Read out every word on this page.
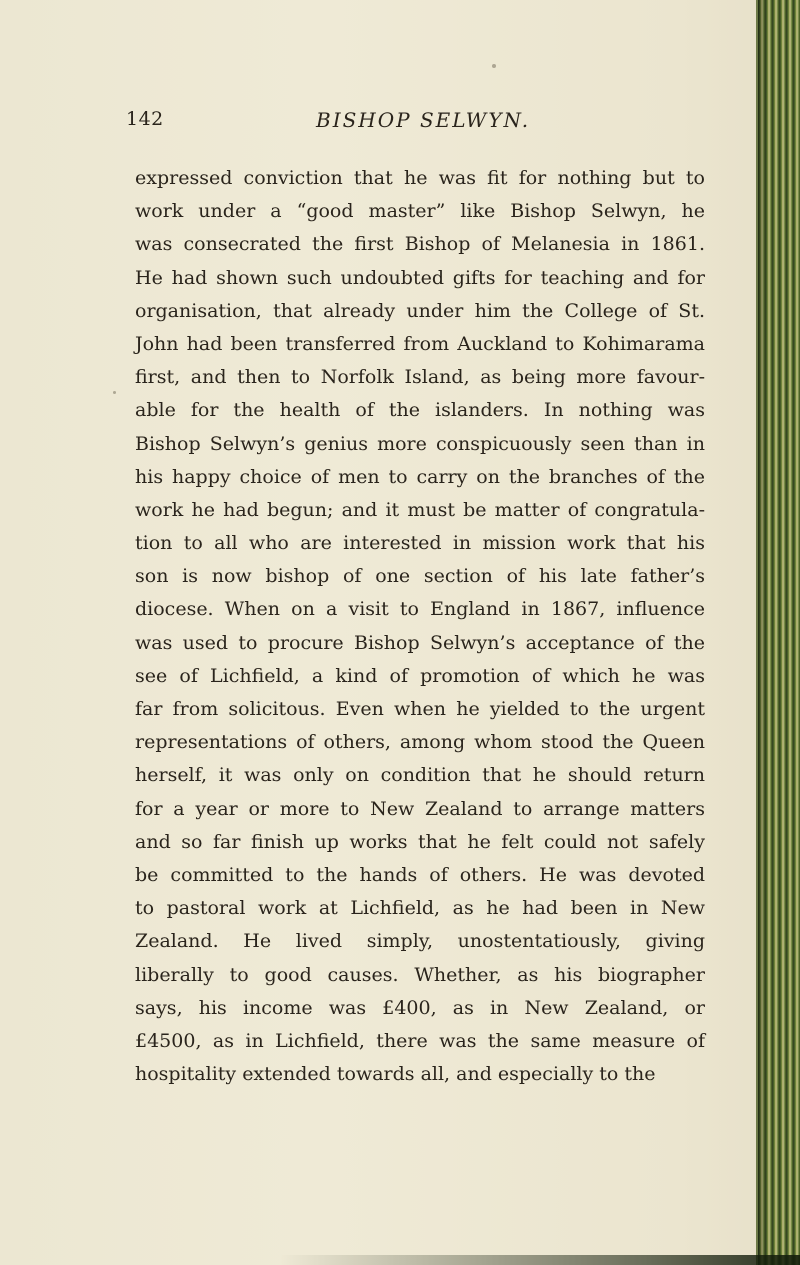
142	BISHOP SELWYN.
expressed conviction that he was fit for nothing but to
work under a “good master” like Bishop Selwyn, he
was consecrated the first Bishop of Melanesia in 1861.
He had shown such undoubted gifts for teaching and for
organisation, that already under him the College of St.
John had been transferred from Auckland to Kohimarama
first, and then to Norfolk Island, as being more favour-
able for the health of the islanders. In nothing was
Bishop Selwyn’s genius more conspicuously seen than in
his happy choice of men to carry on the branches of the
work he had begun; and it must be matter of congratula-
tion to all who are interested in mission work that his
son is now bishop of one section of his late father’s
diocese. When on a visit to England in 1867, influence
was used to procure Bishop Selwyn’s acceptance of the
see of Lichfield, a kind of promotion of which he was
far from solicitous. Even when he yielded to the urgent
representations of others, among whom stood the Queen
herself, it was only on condition that he should return
for a year or more to New Zealand to arrange matters
and so far finish up works that he felt could not safely
be committed to the hands of others. He was devoted
to pastoral work at Lichfield, as he had been in New
Zealand. He lived simply, unostentatiously, giving
liberally to good causes. Whether, as his biographer
says, his income was £400, as in New Zealand, or
£4500, as in Lichfield, there was the same measure of
hospitality extended towards all, and especially to the
